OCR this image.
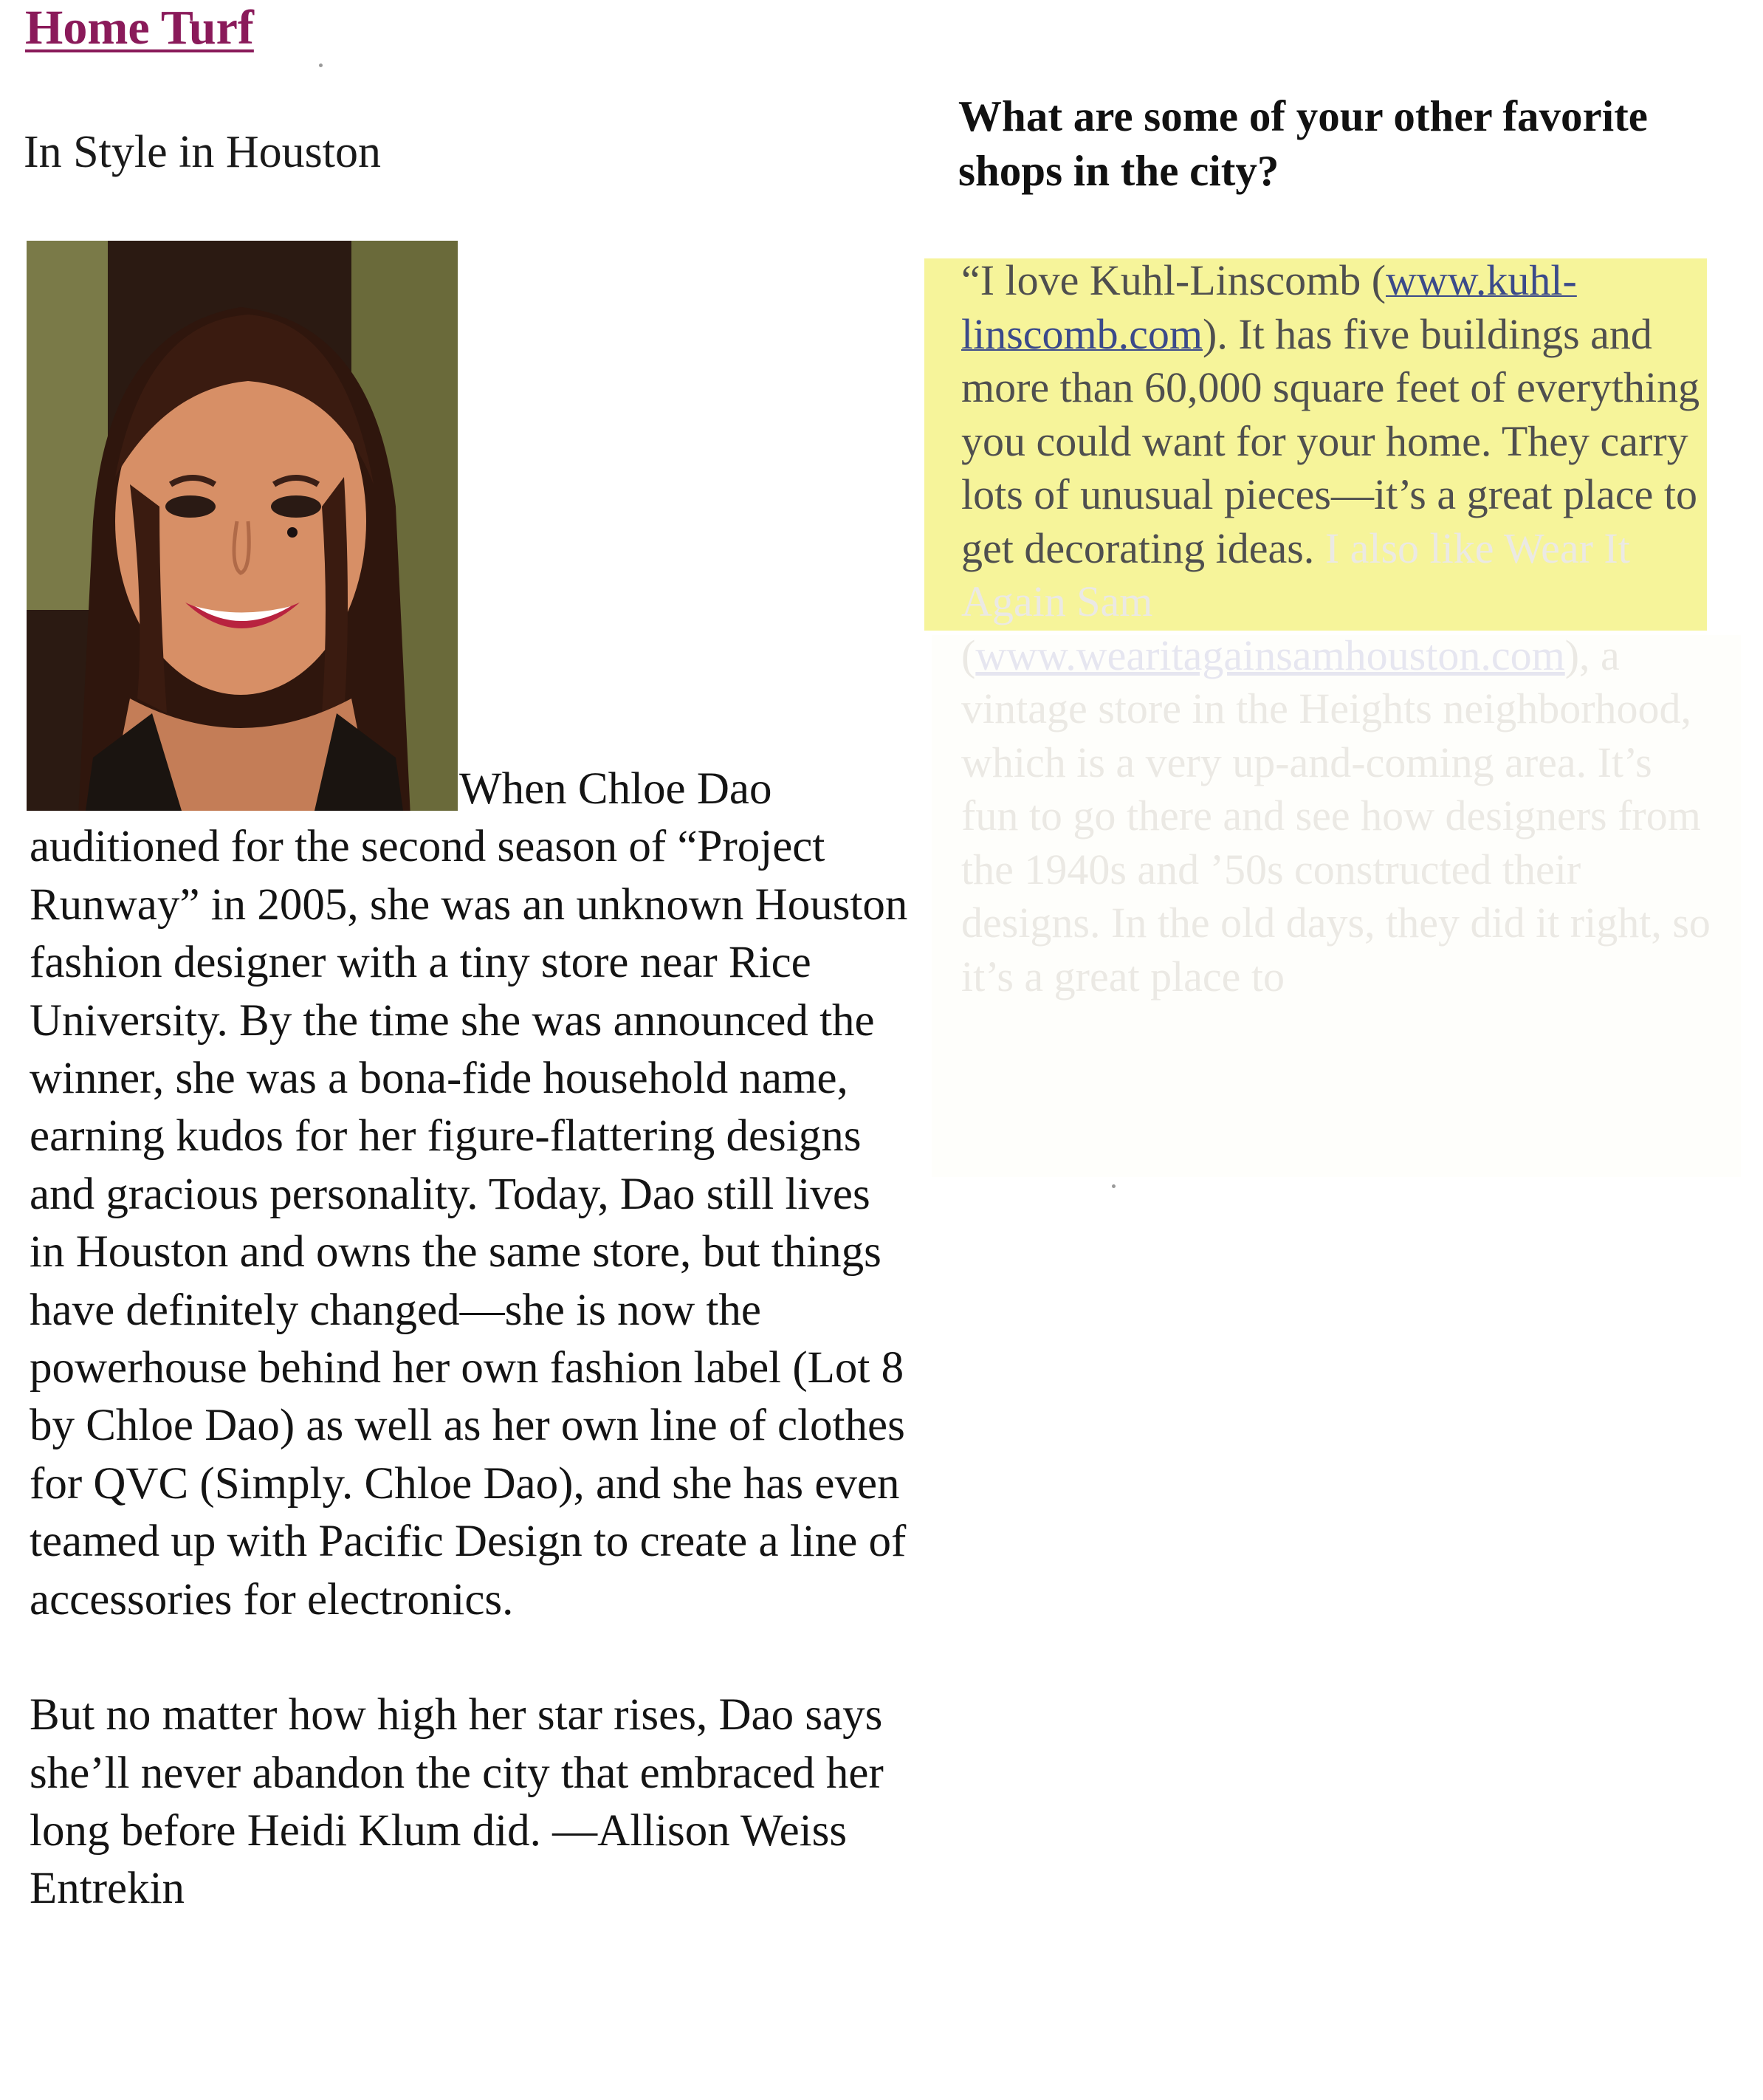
Home Turf
In Style in Houston

When Chloe Dao auditioned for the second season of “Project Runway” in 2005, she was an unknown Houston fashion designer with a tiny store near Rice University. By the time she was announced the winner, she was a bona-fide household name, earning kudos for her figure-flattering designs and gracious personality. Today, Dao still lives in Houston and owns the same store, but things have definitely changed—she is now the powerhouse behind her own fashion label (Lot 8 by Chloe Dao) as well as her own line of clothes for QVC (Simply. Chloe Dao), and she has even teamed up with Pacific Design to create a line of accessories for electronics.

But no matter how high her star rises, Dao says she’ll never abandon the city that embraced her long before Heidi Klum did. —Allison Weiss Entrekin

What are some of your other favorite shops in the city?
“I love Kuhl-Linscomb (www.kuhl-linscomb.com). It has five buildings and more than 60,000 square feet of everything you could want for your home. They carry lots of unusual pieces—it’s a great place to get decorating ideas. I also like Wear It Again Sam (www.wearitagainsamhouston.com), a vintage store in the Heights neighborhood, which is a very up-and-coming area. It’s fun to go there and see how designers from the 1940s and ’50s constructed their designs. In the old days, they did it right, so it’s a great place to
